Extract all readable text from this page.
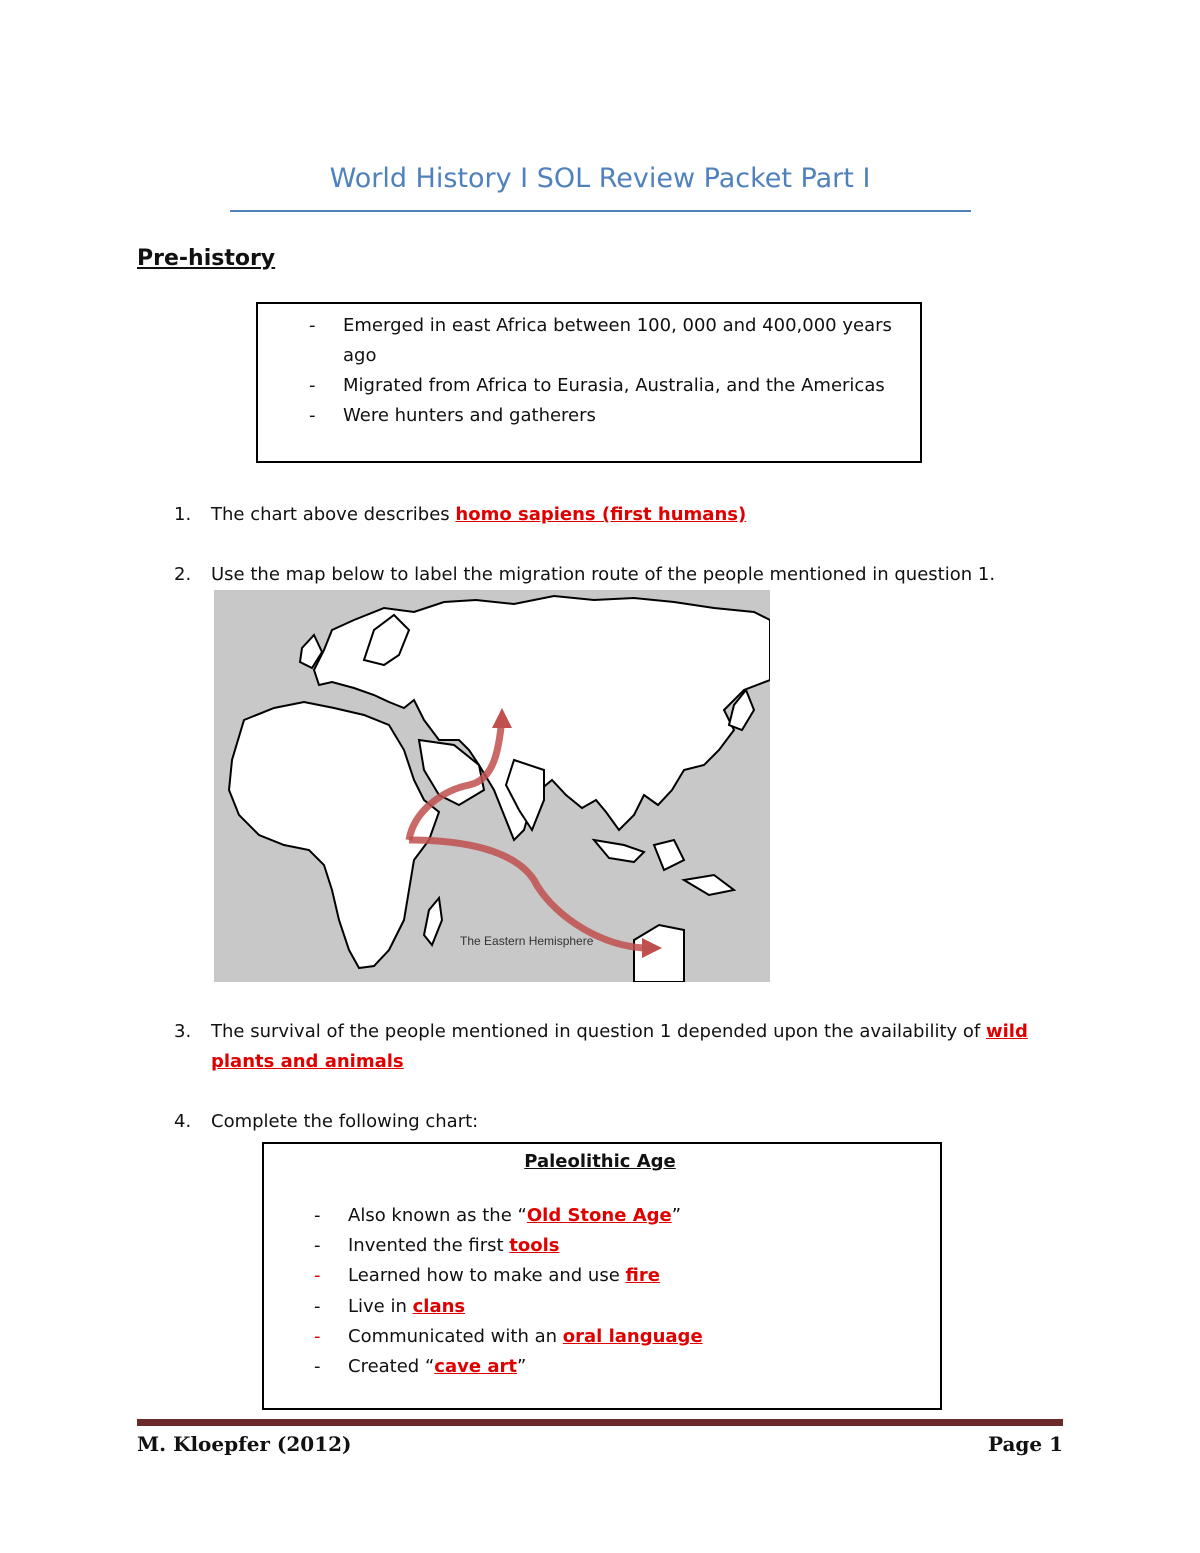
World History I SOL Review Packet Part I
Pre-history
- Emerged in east Africa between 100, 000 and 400,000 years
ago
- Migrated from Africa to Eurasia, Australia, and the Americas
- Were hunters and gatherers
1. The chart above describes homo sapiens (first humans)
2. Use the map below to label the migration route of the people mentioned in question 1.
The Eastern Hemisphere
3. The survival of the people mentioned in question 1 depended upon the availability of wild
plants and animals
4. Complete the following chart:
Paleolithic Age
- Also known as the “Old Stone Age”
- Invented the first tools
- Learned how to make and use fire
- Live in clans
- Communicated with an oral language
- Created “cave art”
M. Kloepfer (2012)	Page 1
